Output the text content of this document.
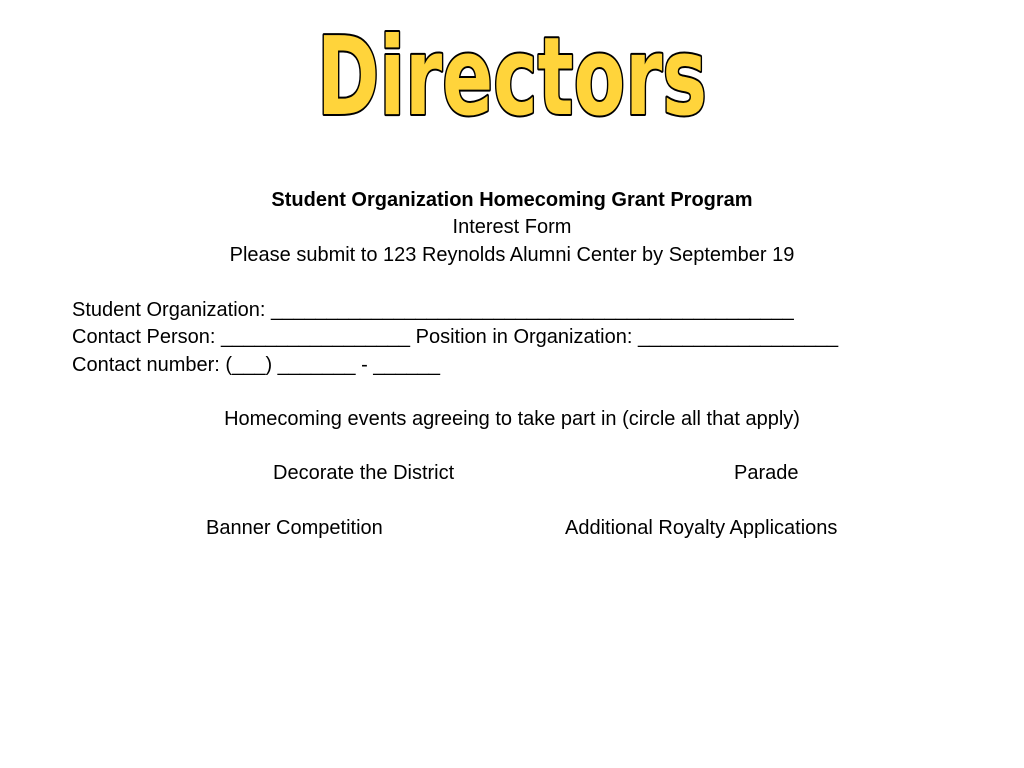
Directors
Student Organization Homecoming Grant Program
Interest Form
Please submit to 123 Reynolds Alumni Center by September 19
Student Organization: _______________________________________________
Contact Person: _________________ Position in Organization: __________________
Contact number: (___) _______ - ______
Homecoming events agreeing to take part in (circle all that apply)
Decorate the District	Parade
Banner Competition	Additional Royalty Applications
